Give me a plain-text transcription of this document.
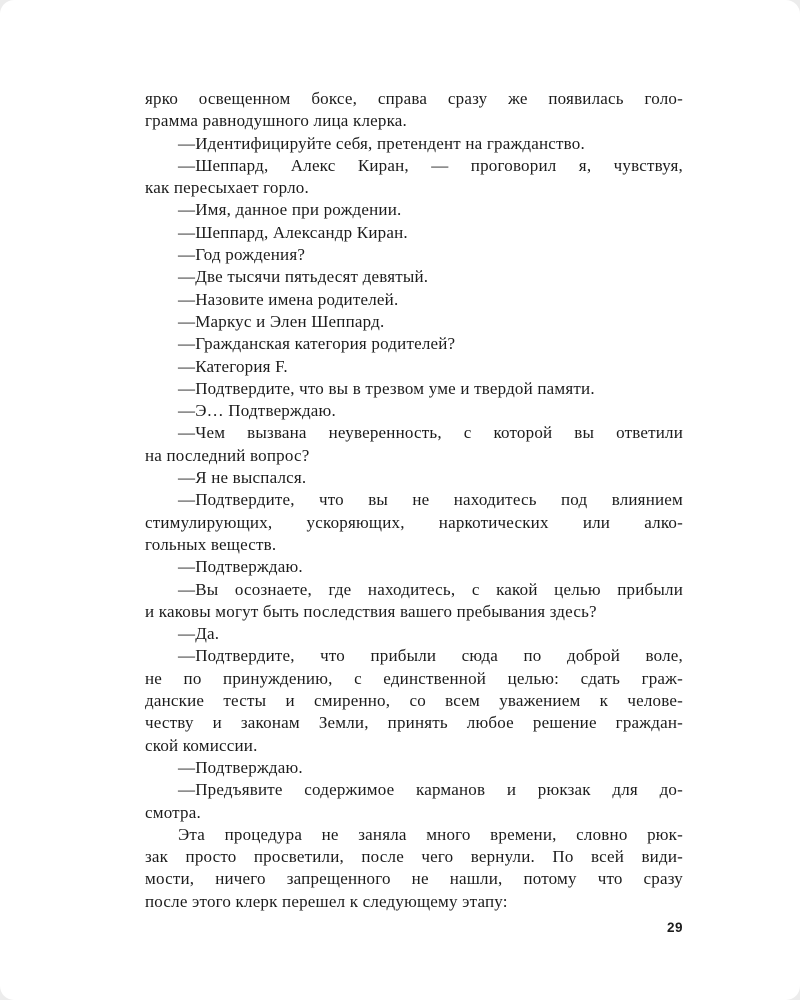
ярко освещенном боксе, справа сразу же появилась голо-
грамма равнодушного лица клерка.
—Идентифицируйте себя, претендент на гражданство.
—Шеппард, Алекс Киран, — проговорил я, чувствуя,
как пересыхает горло.
—Имя, данное при рождении.
—Шеппард, Александр Киран.
—Год рождения?
—Две тысячи пятьдесят девятый.
—Назовите имена родителей.
—Маркус и Элен Шеппард.
—Гражданская категория родителей?
—Категория F.
—Подтвердите, что вы в трезвом уме и твердой памяти.
—Э… Подтверждаю.
—Чем вызвана неуверенность, с которой вы ответили
на последний вопрос?
—Я не выспался.
—Подтвердите, что вы не находитесь под влиянием
стимулирующих, ускоряющих, наркотических или алко-
гольных веществ.
—Подтверждаю.
—Вы осознаете, где находитесь, с какой целью прибыли
и каковы могут быть последствия вашего пребывания здесь?
—Да.
—Подтвердите, что прибыли сюда по доброй воле,
не по принуждению, с единственной целью: сдать граж-
данские тесты и смиренно, со всем уважением к челове-
честву и законам Земли, принять любое решение граждан-
ской комиссии.
—Подтверждаю.
—Предъявите содержимое карманов и рюкзак для до-
смотра.
Эта процедура не заняла много времени, словно рюк-
зак просто просветили, после чего вернули. По всей види-
мости, ничего запрещенного не нашли, потому что сразу
после этого клерк перешел к следующему этапу:
29
